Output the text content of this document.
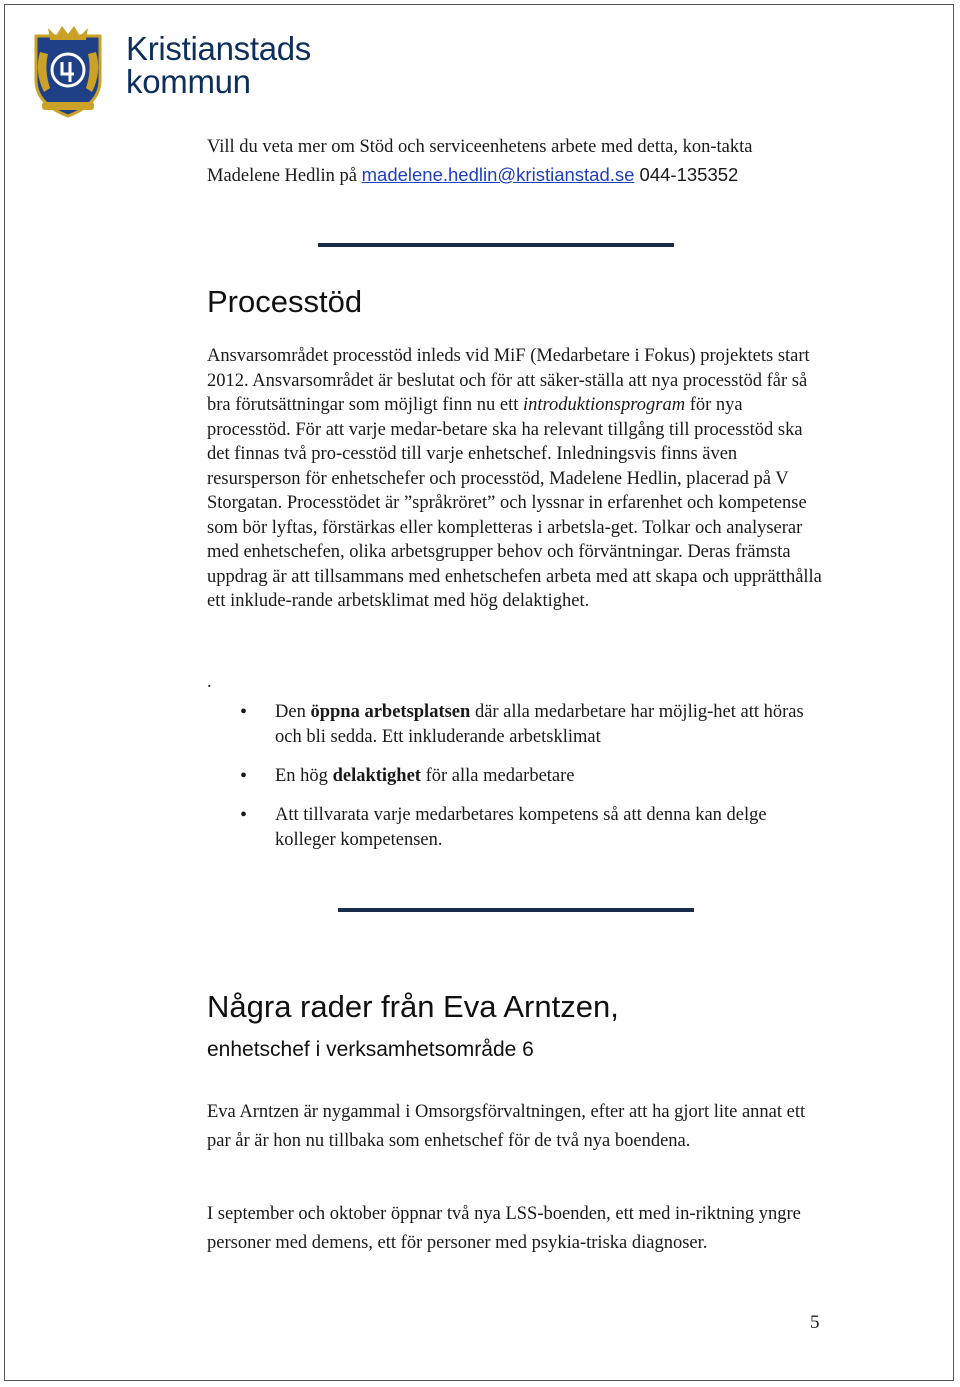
Kristianstads
kommun

Vill du veta mer om Stöd och serviceenhetens arbete med detta, kon-takta Madelene Hedlin på madelene.hedlin@kristianstad.se 044-135352

Processtöd

Ansvarsområdet processtöd inleds vid MiF (Medarbetare i Fokus) projektets start 2012. Ansvarsområdet är beslutat och för att säker-ställa att nya processtöd får så bra förutsättningar som möjligt finn nu ett introduktionsprogram för nya processtöd. För att varje medar-betare ska ha relevant tillgång till processtöd ska det finnas två pro-cesstöd till varje enhetschef. Inledningsvis finns även resursperson för enhetschefer och processtöd, Madelene Hedlin, placerad på V Storgatan. Processtödet är ”språkröret” och lyssnar in erfarenhet och kompetense som bör lyftas, förstärkas eller kompletteras i arbetsla-get. Tolkar och analyserar med enhetschefen, olika arbetsgrupper behov och förväntningar. Deras främsta uppdrag är att tillsammans med enhetschefen arbeta med att skapa och upprätthålla ett inklude-rande arbetsklimat med hög delaktighet.

.
• Den öppna arbetsplatsen där alla medarbetare har möjlig-het att höras och bli sedda. Ett inkluderande arbetsklimat

• En hög delaktighet för alla medarbetare

• Att tillvarata varje medarbetares kompetens så att denna kan delge kolleger kompetensen.

Några rader från Eva Arntzen,
enhetschef i verksamhetsområde 6

Eva Arntzen är nygammal i Omsorgsförvaltningen, efter att ha gjort lite annat ett par år är hon nu tillbaka som enhetschef för de två nya boendena.

I september och oktober öppnar två nya LSS-boenden, ett med in-riktning yngre personer med demens, ett för personer med psykia-triska diagnoser.

5
